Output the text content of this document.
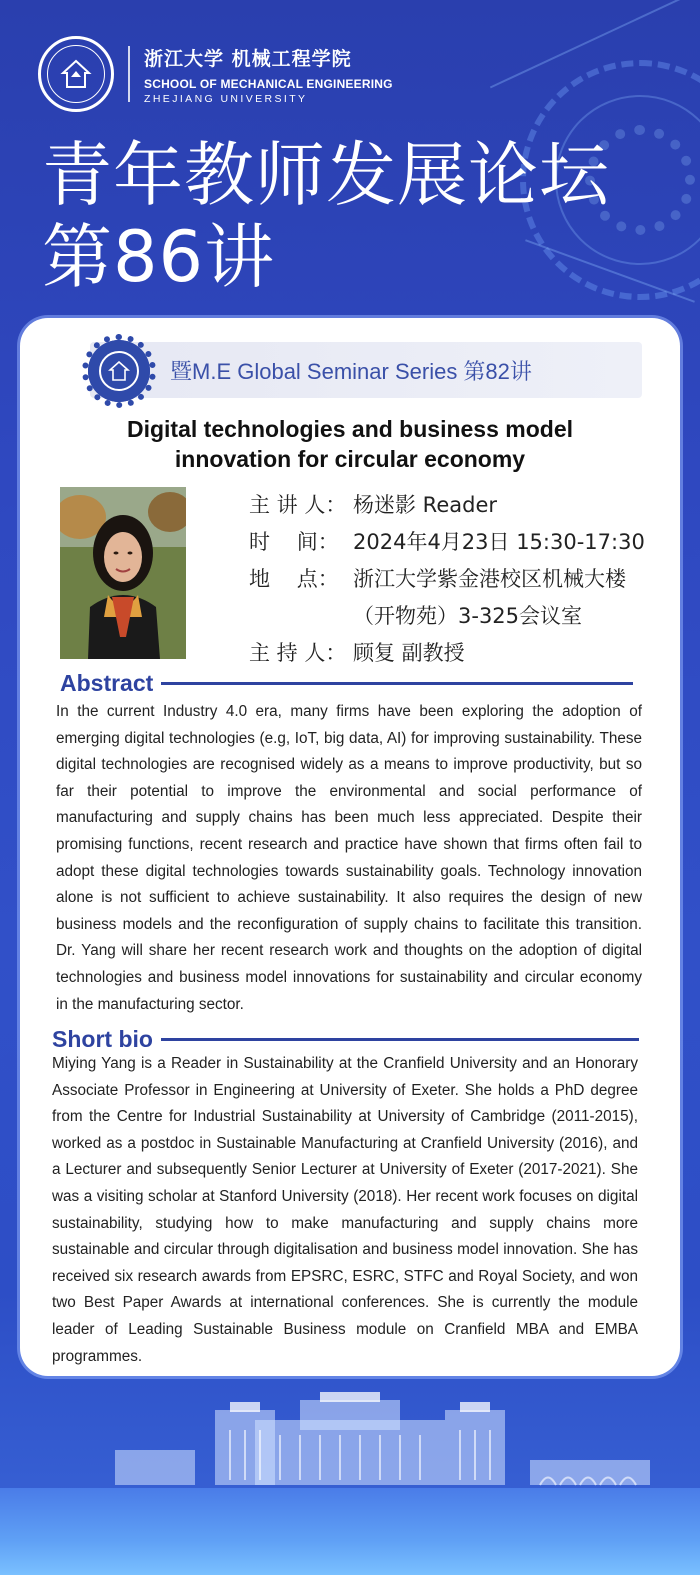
浙江大学 机械工程学院
SCHOOL OF MECHANICAL ENGINEERING
ZHEJIANG UNIVERSITY
青年教师发展论坛
第86讲
暨M.E Global Seminar Series 第82讲
Digital technologies and business model
innovation for circular economy
主 讲 人： 杨迷影 Reader
时    间： 2024年4月23日 15:30-17:30
地    点： 浙江大学紫金港校区机械大楼
（开物苑）3-325会议室
主 持 人： 顾复 副教授
Abstract

In the current Industry 4.0 era, many firms have been exploring the adoption of emerging digital technologies (e.g, IoT, big data, AI) for improving sustainability. These digital technologies are recognised widely as a means to improve productivity, but so far their potential to improve the environmental and social performance of manufacturing and supply chains has been much less appreciated. Despite their promising functions, recent research and practice have shown that firms often fail to adopt these digital technologies towards sustainability goals. Technology innovation alone is not sufficient to achieve sustainability. It also requires the design of new business models and the reconfiguration of supply chains to facilitate this transition. Dr. Yang will share her recent research work and thoughts on the adoption of digital technologies and business model innovations for sustainability and circular economy in the manufacturing sector.

Short bio

Miying Yang is a Reader in Sustainability at the Cranfield University and an Honorary Associate Professor in Engineering at University of Exeter. She holds a PhD degree from the Centre for Industrial Sustainability at University of Cambridge (2011-2015), worked as a postdoc in Sustainable Manufacturing at Cranfield University (2016), and a Lecturer and subsequently Senior Lecturer at University of Exeter (2017-2021). She was a visiting scholar at Stanford University (2018). Her recent work focuses on digital sustainability, studying how to make manufacturing and supply chains more sustainable and circular through digitalisation and business model innovation. She has received six research awards from EPSRC, ESRC, STFC and Royal Society, and won two Best Paper Awards at international conferences. She is currently the module leader of Leading Sustainable Business module on Cranfield MBA and EMBA programmes.
